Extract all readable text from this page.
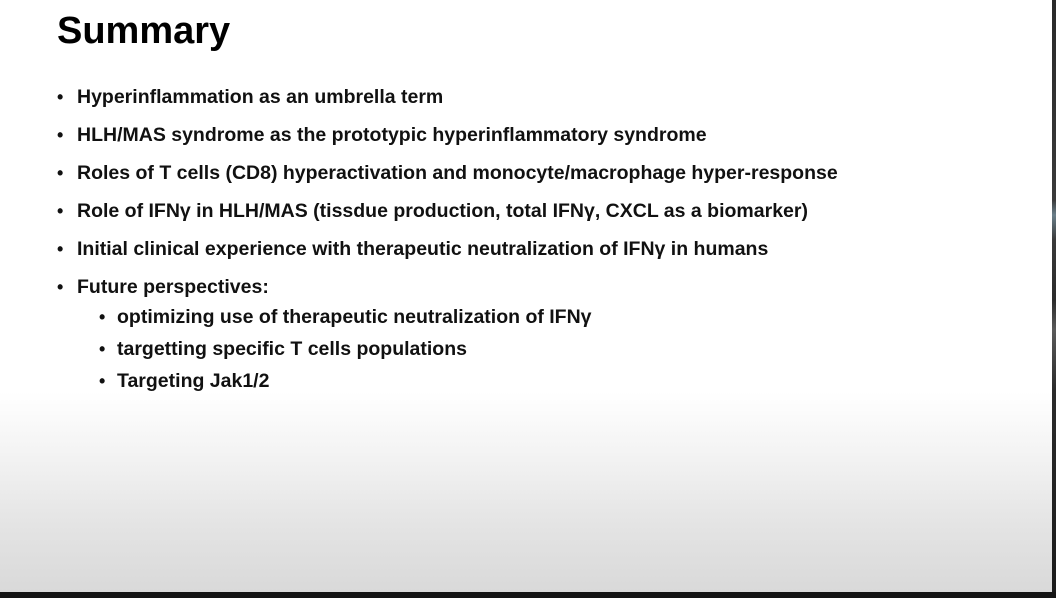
Summary
• Hyperinflammation as an umbrella term
• HLH/MAS syndrome as the prototypic hyperinflammatory syndrome
• Roles of T cells (CD8) hyperactivation and monocyte/macrophage hyper-response
• Role of IFNγ in HLH/MAS (tissdue production, total IFNγ, CXCL as a biomarker)
• Initial clinical experience with therapeutic neutralization of IFNγ in humans
• Future perspectives:
• optimizing use of therapeutic neutralization of IFNγ
• targetting specific T cells populations
• Targeting Jak1/2
